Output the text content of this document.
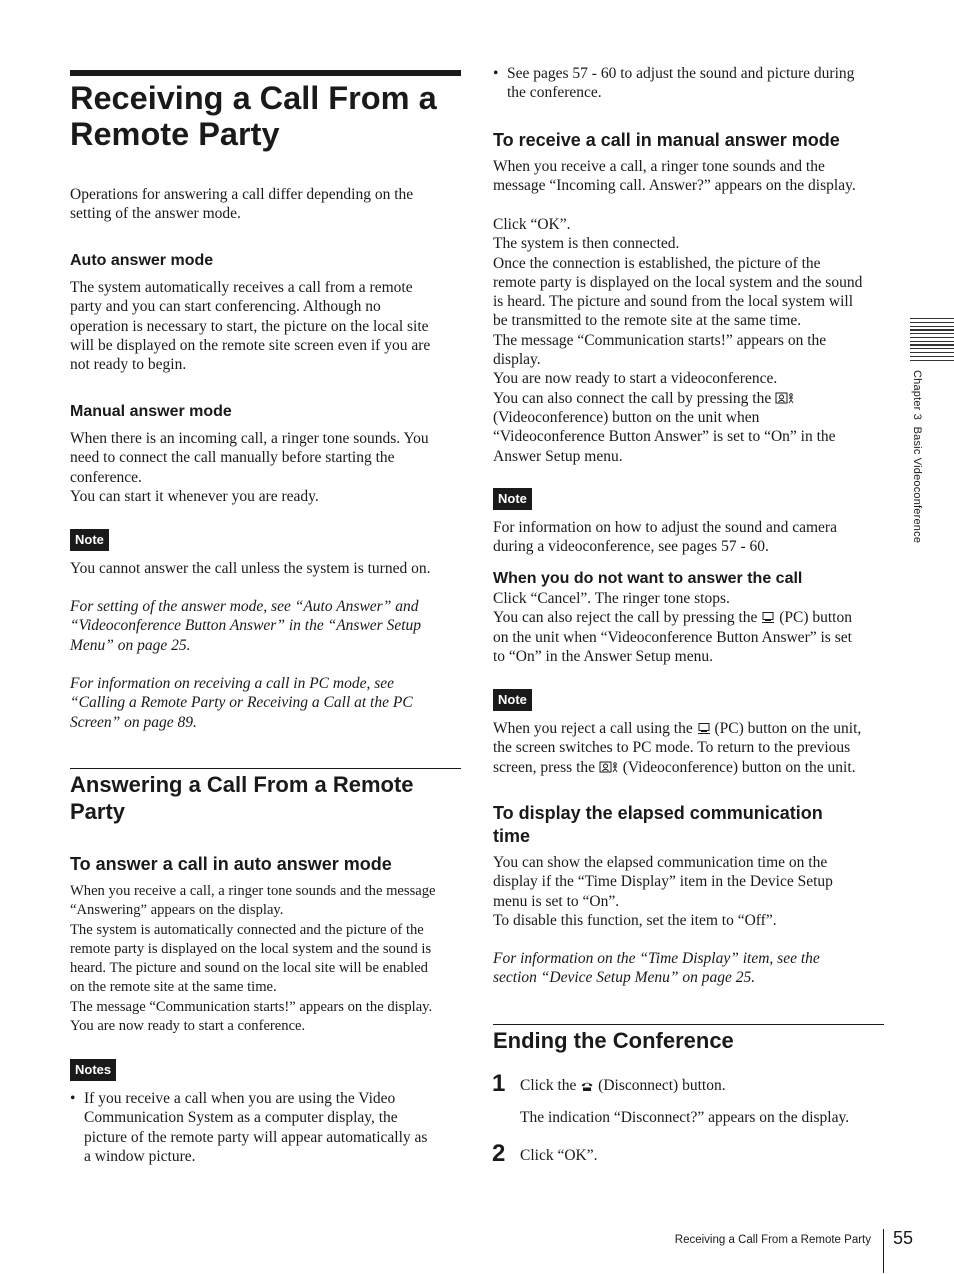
Receiving a Call From a
Remote Party
Operations for answering a call differ depending on the
setting of the answer mode.
Auto answer mode
The system automatically receives a call from a remote
party and you can start conferencing. Although no
operation is necessary to start, the picture on the local site
will be displayed on the remote site screen even if you are
not ready to begin.
Manual answer mode
When there is an incoming call, a ringer tone sounds. You
need to connect the call manually before starting the
conference.
You can start it whenever you are ready.
Note
You cannot answer the call unless the system is turned on.
For setting of the answer mode, see “Auto Answer” and
“Videoconference Button Answer” in the “Answer Setup
Menu” on page 25.
For information on receiving a call in PC mode, see
“Calling a Remote Party or Receiving a Call at the PC
Screen” on page 89.
Answering a Call From a Remote
Party
To answer a call in auto answer mode
When you receive a call, a ringer tone sounds and the message
“Answering” appears on the display.
The system is automatically connected and the picture of the
remote party is displayed on the local system and the sound is
heard. The picture and sound on the local site will be enabled
on the remote site at the same time.
The message “Communication starts!” appears on the display.
You are now ready to start a conference.
Notes
• If you receive a call when you are using the Video
Communication System as a computer display, the
picture of the remote party will appear automatically as
a window picture.
• See pages 57 - 60 to adjust the sound and picture during
the conference.
To receive a call in manual answer mode
When you receive a call, a ringer tone sounds and the
message “Incoming call. Answer?” appears on the display.
Click “OK”.
The system is then connected.
Once the connection is established, the picture of the
remote party is displayed on the local system and the sound
is heard. The picture and sound from the local system will
be transmitted to the remote site at the same time.
The message “Communication starts!” appears on the
display.
You are now ready to start a videoconference.
You can also connect the call by pressing the
(Videoconference) button on the unit when
“Videoconference Button Answer” is set to “On” in the
Answer Setup menu.
Note
For information on how to adjust the sound and camera
during a videoconference, see pages 57 - 60.
When you do not want to answer the call
Click “Cancel”. The ringer tone stops.
You can also reject the call by pressing the (PC) button
on the unit when “Videoconference Button Answer” is set
to “On” in the Answer Setup menu.
Note
When you reject a call using the (PC) button on the unit,
the screen switches to PC mode. To return to the previous
screen, press the (Videoconference) button on the unit.
To display the elapsed communication
time
You can show the elapsed communication time on the
display if the “Time Display” item in the Device Setup
menu is set to “On”.
To disable this function, set the item to “Off”.
For information on the “Time Display” item, see the
section “Device Setup Menu” on page 25.
Ending the Conference
1 Click the (Disconnect) button.
The indication “Disconnect?” appears on the display.
2 Click “OK”.
Chapter 3  Basic Videoconference
Receiving a Call From a Remote Party 55
